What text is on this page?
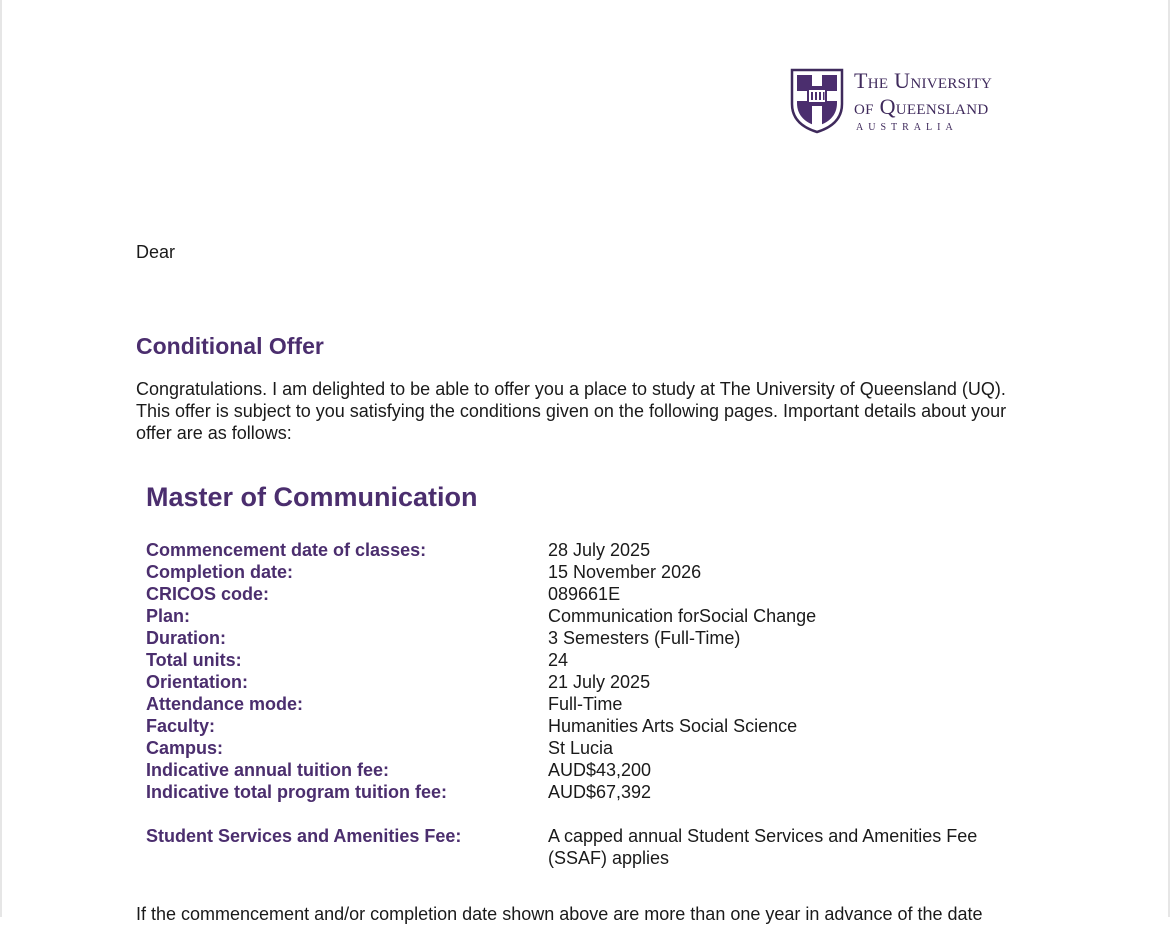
The University
of Queensland
AUSTRALIA
Dear
Conditional Offer
Congratulations. I am delighted to be able to offer you a place to study at The University of Queensland (UQ). This offer is subject to you satisfying the conditions given on the following pages. Important details about your offer are as follows:
Master of Communication
Commencement date of classes:	28 July 2025
Completion date:	15 November 2026
CRICOS code:	089661E
Plan:	Communication forSocial Change
Duration:	3 Semesters (Full-Time)
Total units:	24
Orientation:	21 July 2025
Attendance mode:	Full-Time
Faculty:	Humanities Arts Social Science
Campus:	St Lucia
Indicative annual tuition fee:	AUD$43,200
Indicative total program tuition fee:	AUD$67,392
Student Services and Amenities Fee:	A capped annual Student Services and Amenities Fee (SSAF) applies
If the commencement and/or completion date shown above are more than one year in advance of the date
